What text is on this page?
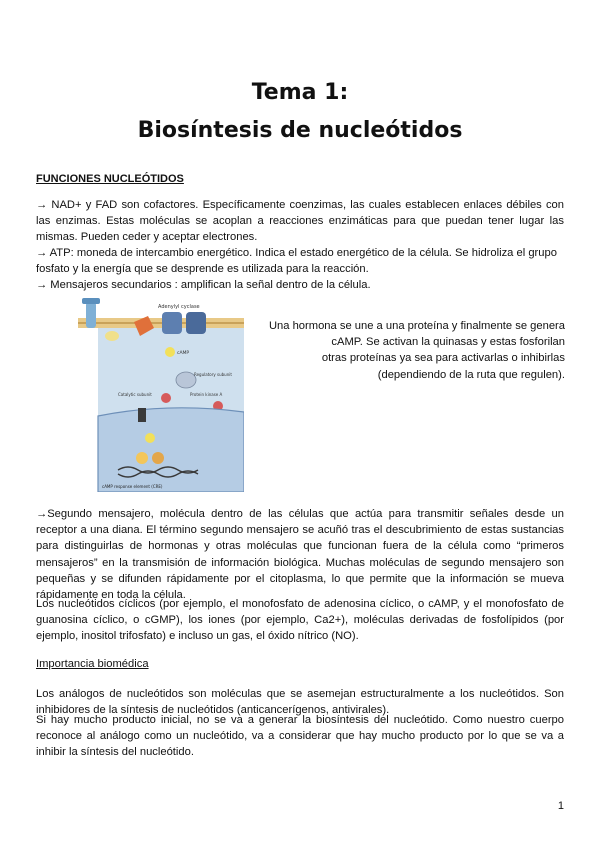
Tema 1:
Biosíntesis de nucleótidos
FUNCIONES NUCLEÓTIDOS

→ NAD+ y FAD son cofactores. Específicamente coenzimas, las cuales establecen enlaces débiles con las enzimas. Estas moléculas se acoplan a reacciones enzimáticas para que puedan tener lugar las mismas. Pueden ceder y aceptar electrones.

→ ATP: moneda de intercambio energético. Indica el estado energético de la célula. Se hidroliza el grupo fosfato y la energía que se desprende es utilizada para la reacción.

→ Mensajeros secundarios : amplifican la señal dentro de la célula.

Adenylyl cyclase
cAMP
Regulatory subunit
Protein kinase A
Catalytic subunit
cAMP response element (CRE)
Una hormona se une a una proteína y finalmente se genera
cAMP. Se activan la quinasas y estas fosforilan
otras proteínas ya sea para activarlas o inhibirlas
(dependiendo de la ruta que regulen).

→Segundo mensajero, molécula dentro de las células que actúa para transmitir señales desde un receptor a una diana. El término segundo mensajero se acuñó tras el descubrimiento de estas sustancias para distinguirlas de hormonas y otras moléculas que funcionan fuera de la célula como “primeros mensajeros” en la transmisión de información biológica. Muchas moléculas de segundo mensajero son pequeñas y se difunden rápidamente por el citoplasma, lo que permite que la información se mueva rápidamente en toda la célula.

Los nucleótidos cíclicos (por ejemplo, el monofosfato de adenosina cíclico, o cAMP, y el monofosfato de guanosina cíclico, o cGMP), los iones (por ejemplo, Ca2+), moléculas derivadas de fosfolípidos (por ejemplo, inositol trifosfato) e incluso un gas, el óxido nítrico (NO).

Importancia biomédica

Los análogos de nucleótidos son moléculas que se asemejan estructuralmente a los nucleótidos. Son inhibidores de la síntesis de nucleótidos (anticancerígenos, antivirales).

Si hay mucho producto inicial, no se va a generar la biosíntesis del nucleótido. Como nuestro cuerpo reconoce al análogo como un nucleótido, va a considerar que hay mucho producto por lo que se va a inhibir la síntesis del nucleótido.

1
